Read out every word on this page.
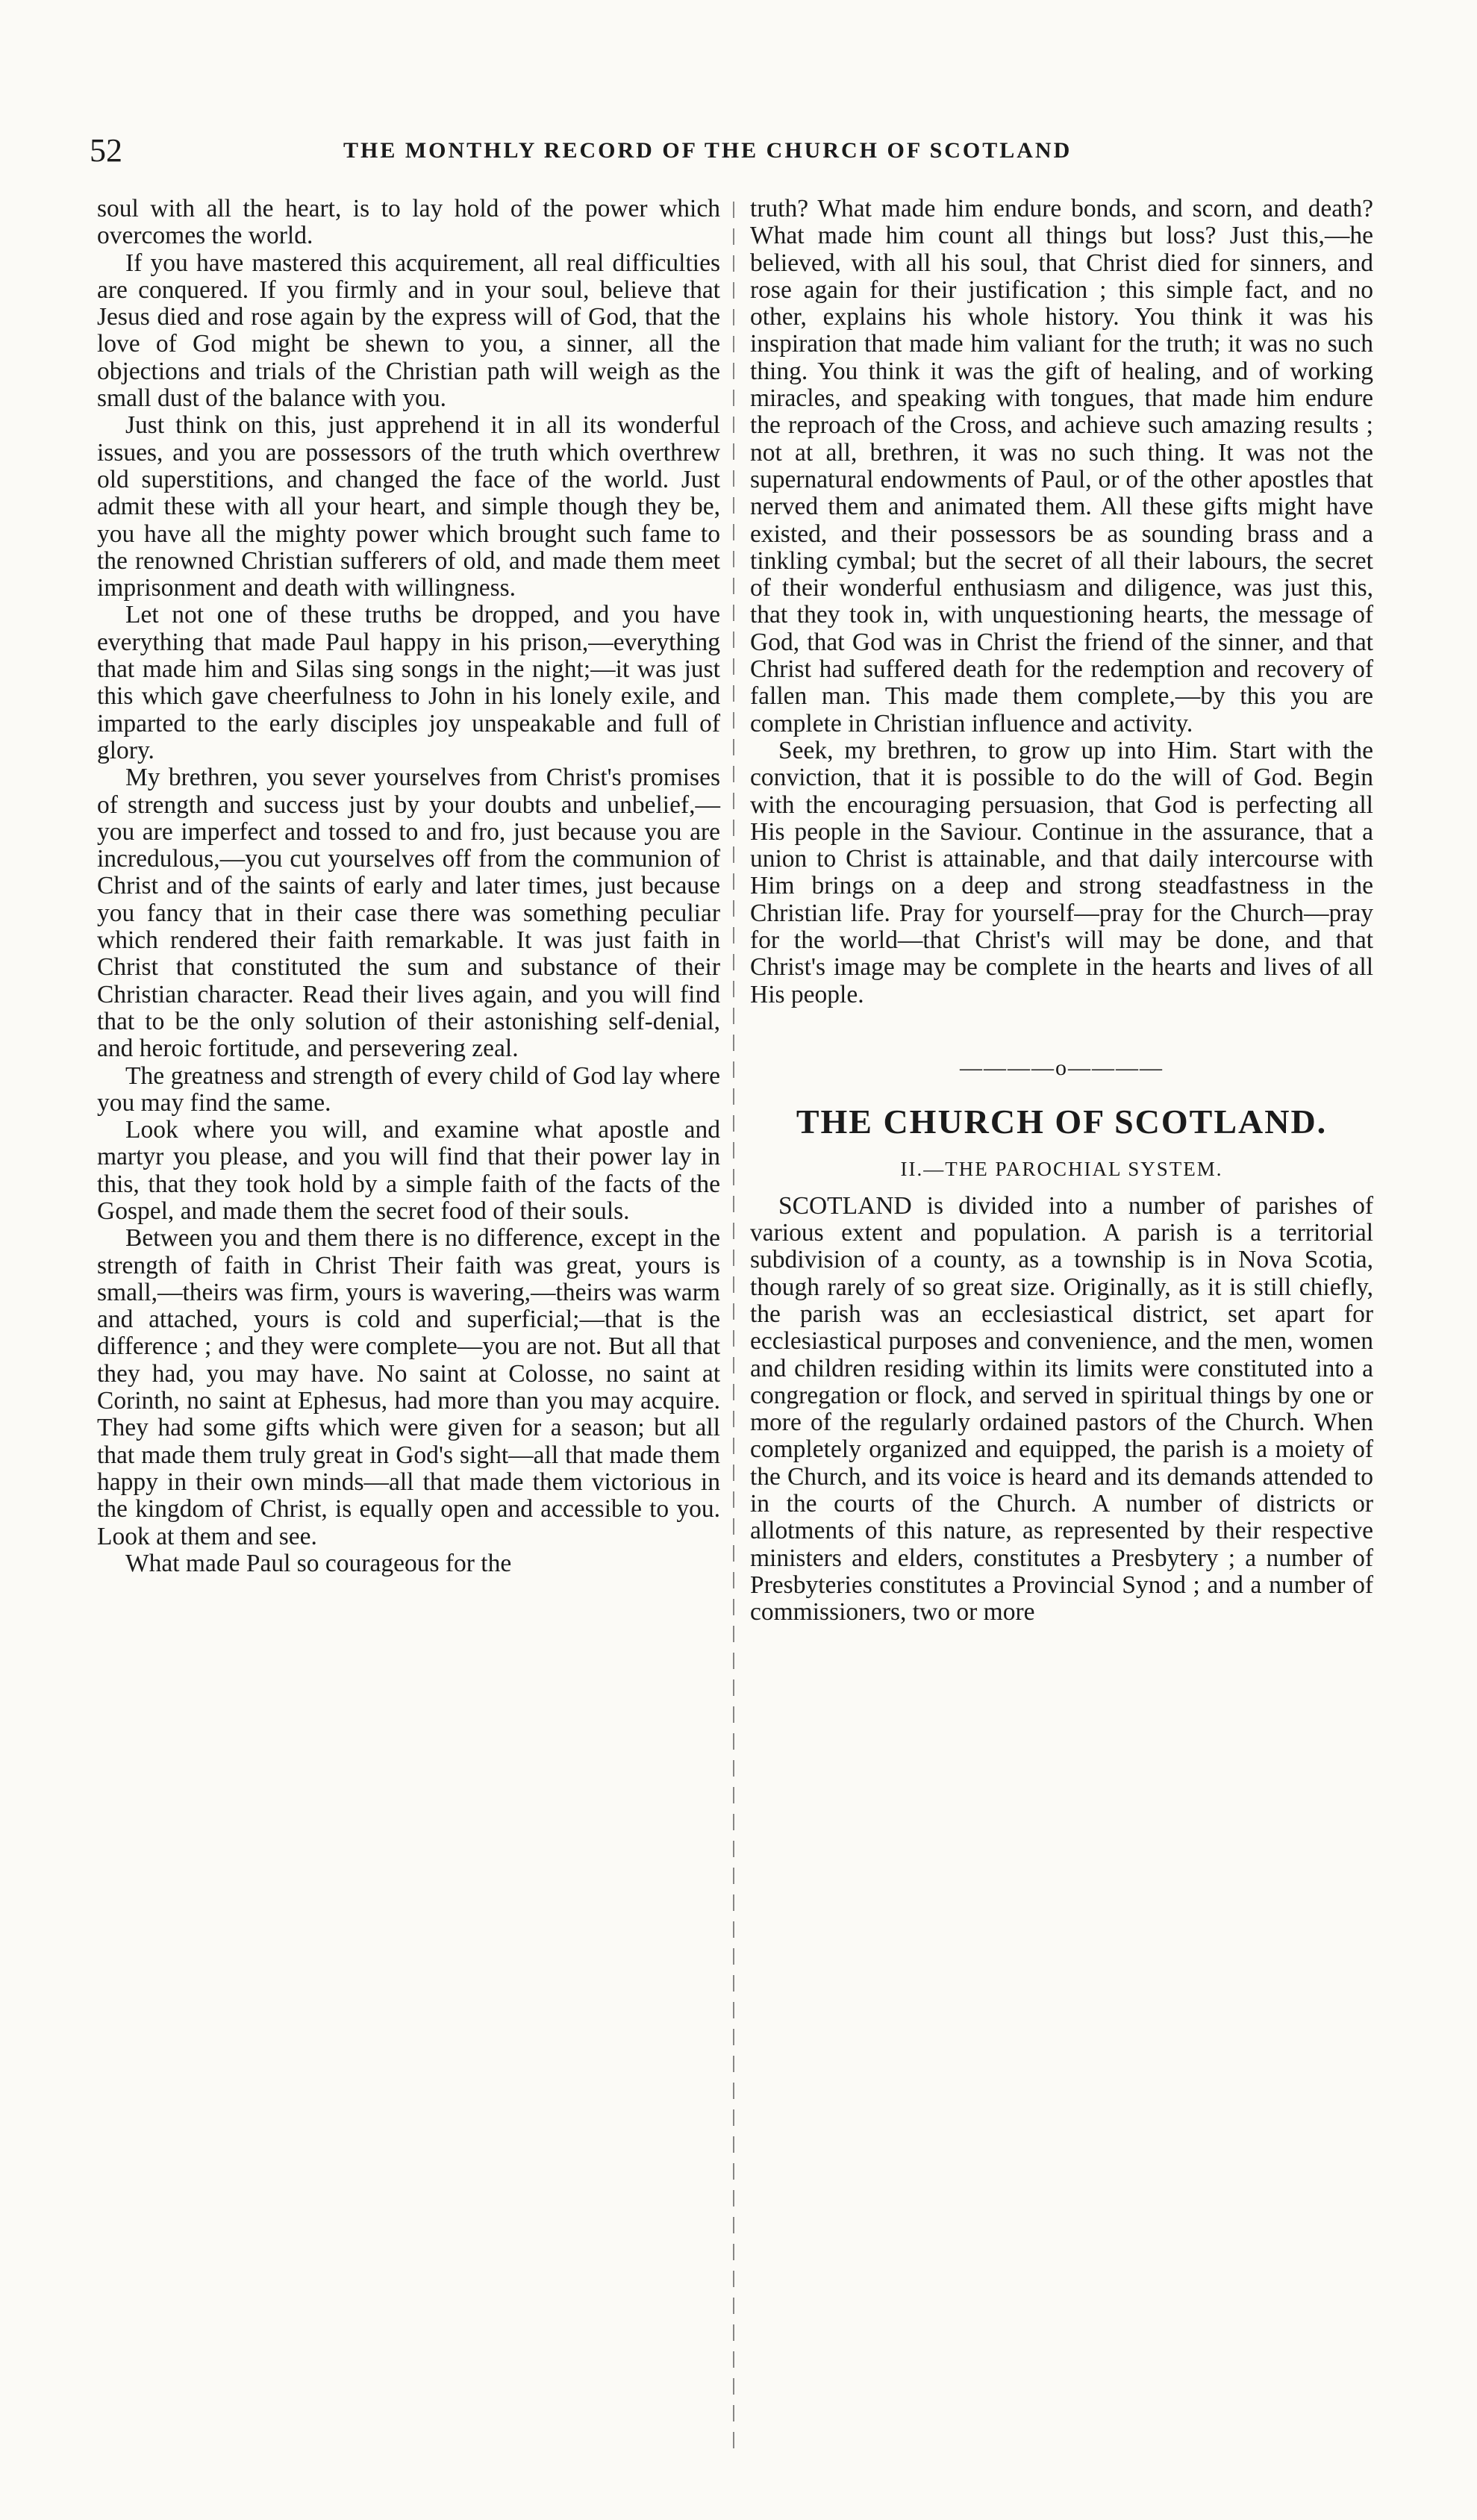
52	THE MONTHLY RECORD OF THE CHURCH OF SCOTLAND

soul with all the heart, is to lay hold of the power which overcomes the world.

If you have mastered this acquirement, all real difficulties are conquered. If you firmly and in your soul, believe that Jesus died and rose again by the express will of God, that the love of God might be shewn to you, a sinner, all the objections and trials of the Christian path will weigh as the small dust of the balance with you.

Just think on this, just apprehend it in all its wonderful issues, and you are possessors of the truth which overthrew old superstitions, and changed the face of the world. Just admit these with all your heart, and simple though they be, you have all the mighty power which brought such fame to the renowned Christian sufferers of old, and made them meet imprisonment and death with willingness.

Let not one of these truths be dropped, and you have everything that made Paul happy in his prison,—everything that made him and Silas sing songs in the night;—it was just this which gave cheerfulness to John in his lonely exile, and imparted to the early disciples joy unspeakable and full of glory.

My brethren, you sever yourselves from Christ's promises of strength and success just by your doubts and unbelief,—you are imperfect and tossed to and fro, just because you are incredulous,—you cut yourselves off from the communion of Christ and of the saints of early and later times, just because you fancy that in their case there was something peculiar which rendered their faith remarkable. It was just faith in Christ that constituted the sum and substance of their Christian character. Read their lives again, and you will find that to be the only solution of their astonishing self-denial, and heroic fortitude, and persevering zeal.

The greatness and strength of every child of God lay where you may find the same.

Look where you will, and examine what apostle and martyr you please, and you will find that their power lay in this, that they took hold by a simple faith of the facts of the Gospel, and made them the secret food of their souls.

Between you and them there is no difference, except in the strength of faith in Christ Their faith was great, yours is small,—theirs was firm, yours is wavering,—theirs was warm and attached, yours is cold and superficial;—that is the difference ; and they were complete—you are not. But all that they had, you may have. No saint at Colosse, no saint at Corinth, no saint at Ephesus, had more than you may acquire. They had some gifts which were given for a season; but all that made them truly great in God's sight—all that made them happy in their own minds—all that made them victorious in the kingdom of Christ, is equally open and accessible to you. Look at them and see.

What made Paul so courageous for the

truth? What made him endure bonds, and scorn, and death? What made him count all things but loss? Just this,—he believed, with all his soul, that Christ died for sinners, and rose again for their justification ; this simple fact, and no other, explains his whole history. You think it was his inspiration that made him valiant for the truth; it was no such thing. You think it was the gift of healing, and of working miracles, and speaking with tongues, that made him endure the reproach of the Cross, and achieve such amazing results ; not at all, brethren, it was no such thing. It was not the supernatural endowments of Paul, or of the other apostles that nerved them and animated them. All these gifts might have existed, and their possessors be as sounding brass and a tinkling cymbal; but the secret of all their labours, the secret of their wonderful enthusiasm and diligence, was just this, that they took in, with unquestioning hearts, the message of God, that God was in Christ the friend of the sinner, and that Christ had suffered death for the redemption and recovery of fallen man. This made them complete,—by this you are complete in Christian influence and activity.

Seek, my brethren, to grow up into Him. Start with the conviction, that it is possible to do the will of God. Begin with the encouraging persuasion, that God is perfecting all His people in the Saviour. Continue in the assurance, that a union to Christ is attainable, and that daily intercourse with Him brings on a deep and strong steadfastness in the Christian life. Pray for yourself—pray for the Church—pray for the world—that Christ's will may be done, and that Christ's image may be complete in the hearts and lives of all His people.

————o————
THE CHURCH OF SCOTLAND.
II.—THE PAROCHIAL SYSTEM.

SCOTLAND is divided into a number of parishes of various extent and population. A parish is a territorial subdivision of a county, as a township is in Nova Scotia, though rarely of so great size. Originally, as it is still chiefly, the parish was an ecclesiastical district, set apart for ecclesiastical purposes and convenience, and the men, women and children residing within its limits were constituted into a congregation or flock, and served in spiritual things by one or more of the regularly ordained pastors of the Church. When completely organized and equipped, the parish is a moiety of the Church, and its voice is heard and its demands attended to in the courts of the Church. A number of districts or allotments of this nature, as represented by their respective ministers and elders, constitutes a Presbytery ; a number of Presbyteries constitutes a Provincial Synod ; and a number of commissioners, two or more
